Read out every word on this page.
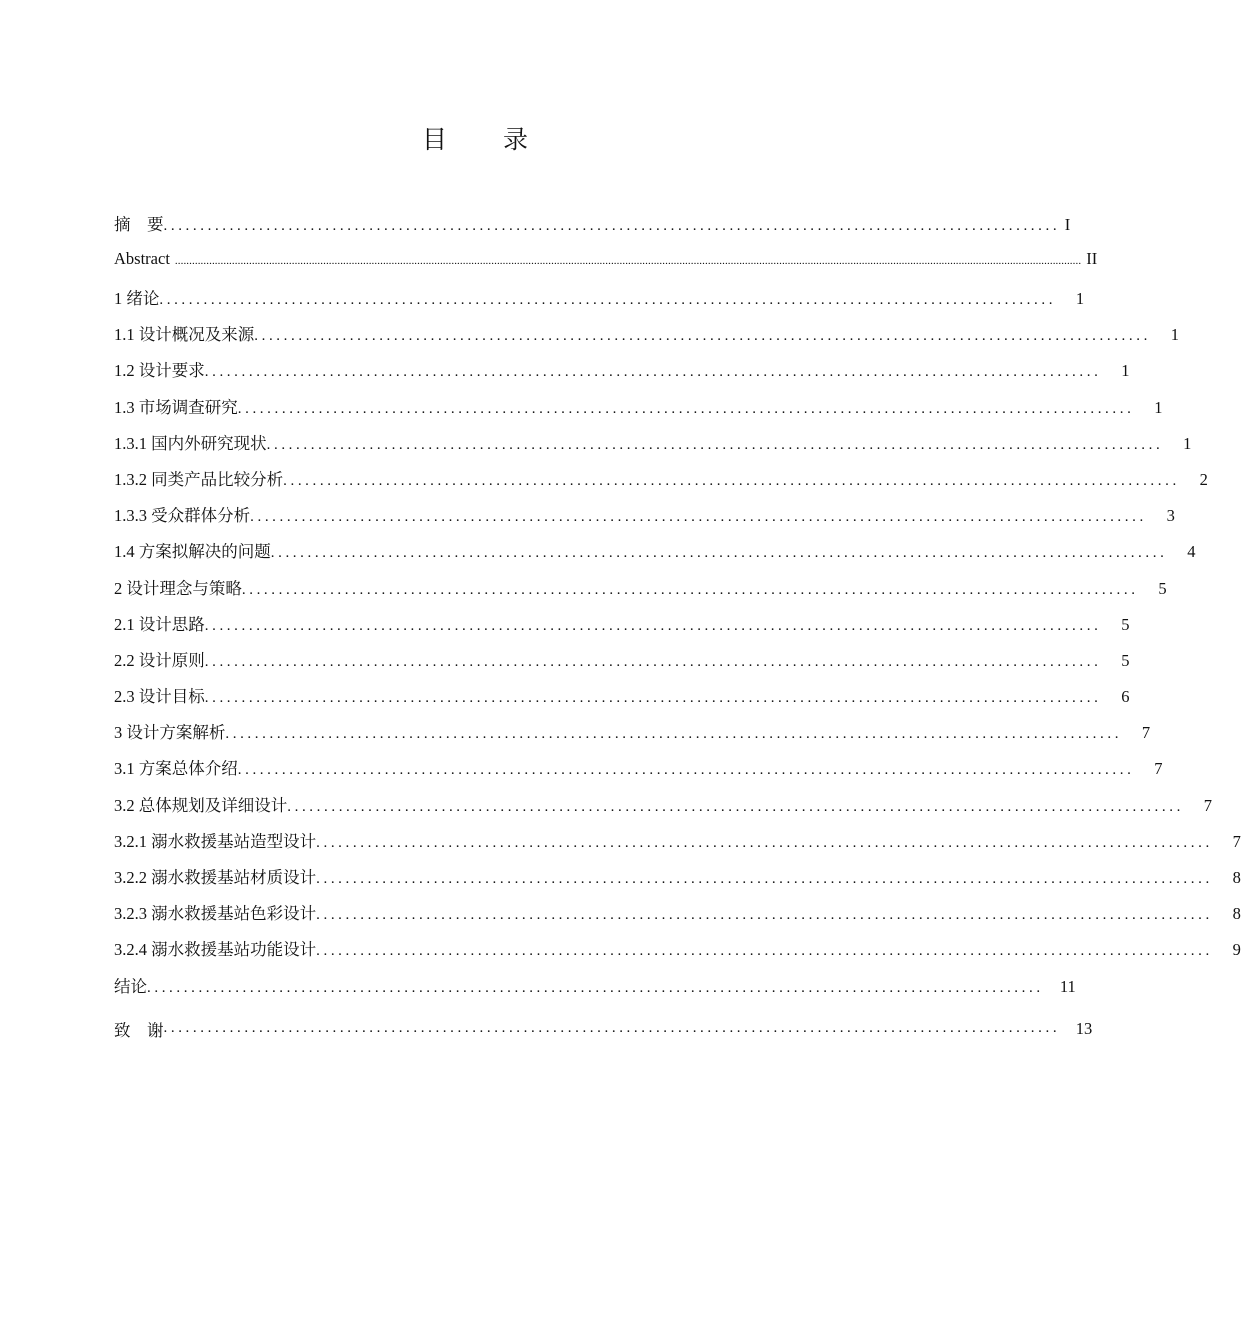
目 录
摘　要 .......................................................................................................................... I
Abstract .............................................................................................................................................................................................................................................................................................................................. II
1 绪论 ..........................................................................................................................	1
1.1 设计概况及来源 ..........................................................................................................................	1
1.2 设计要求 ..........................................................................................................................	1
1.3 市场调查研究 ..........................................................................................................................	1
1.3.1 国内外研究现状 ..........................................................................................................................	1
1.3.2 同类产品比较分析 ..........................................................................................................................	2
1.3.3 受众群体分析 ..........................................................................................................................	3
1.4 方案拟解决的问题 ..........................................................................................................................	4
2 设计理念与策略 ..........................................................................................................................	5
2.1 设计思路 ..........................................................................................................................	5
2.2 设计原则 ..........................................................................................................................	5
2.3 设计目标 ..........................................................................................................................	6
3 设计方案解析 ..........................................................................................................................	7
3.1 方案总体介绍 ..........................................................................................................................	7
3.2 总体规划及详细设计 ..........................................................................................................................	7
3.2.1 溺水救援基站造型设计 ..........................................................................................................................	7
3.2.2 溺水救援基站材质设计 ..........................................................................................................................	8
3.2.3 溺水救援基站色彩设计 ..........................................................................................................................	8
3.2.4 溺水救援基站功能设计 ..........................................................................................................................	9
结论 .......................................................................................................................... 11
致　谢 .......................................................................................................................... 13
